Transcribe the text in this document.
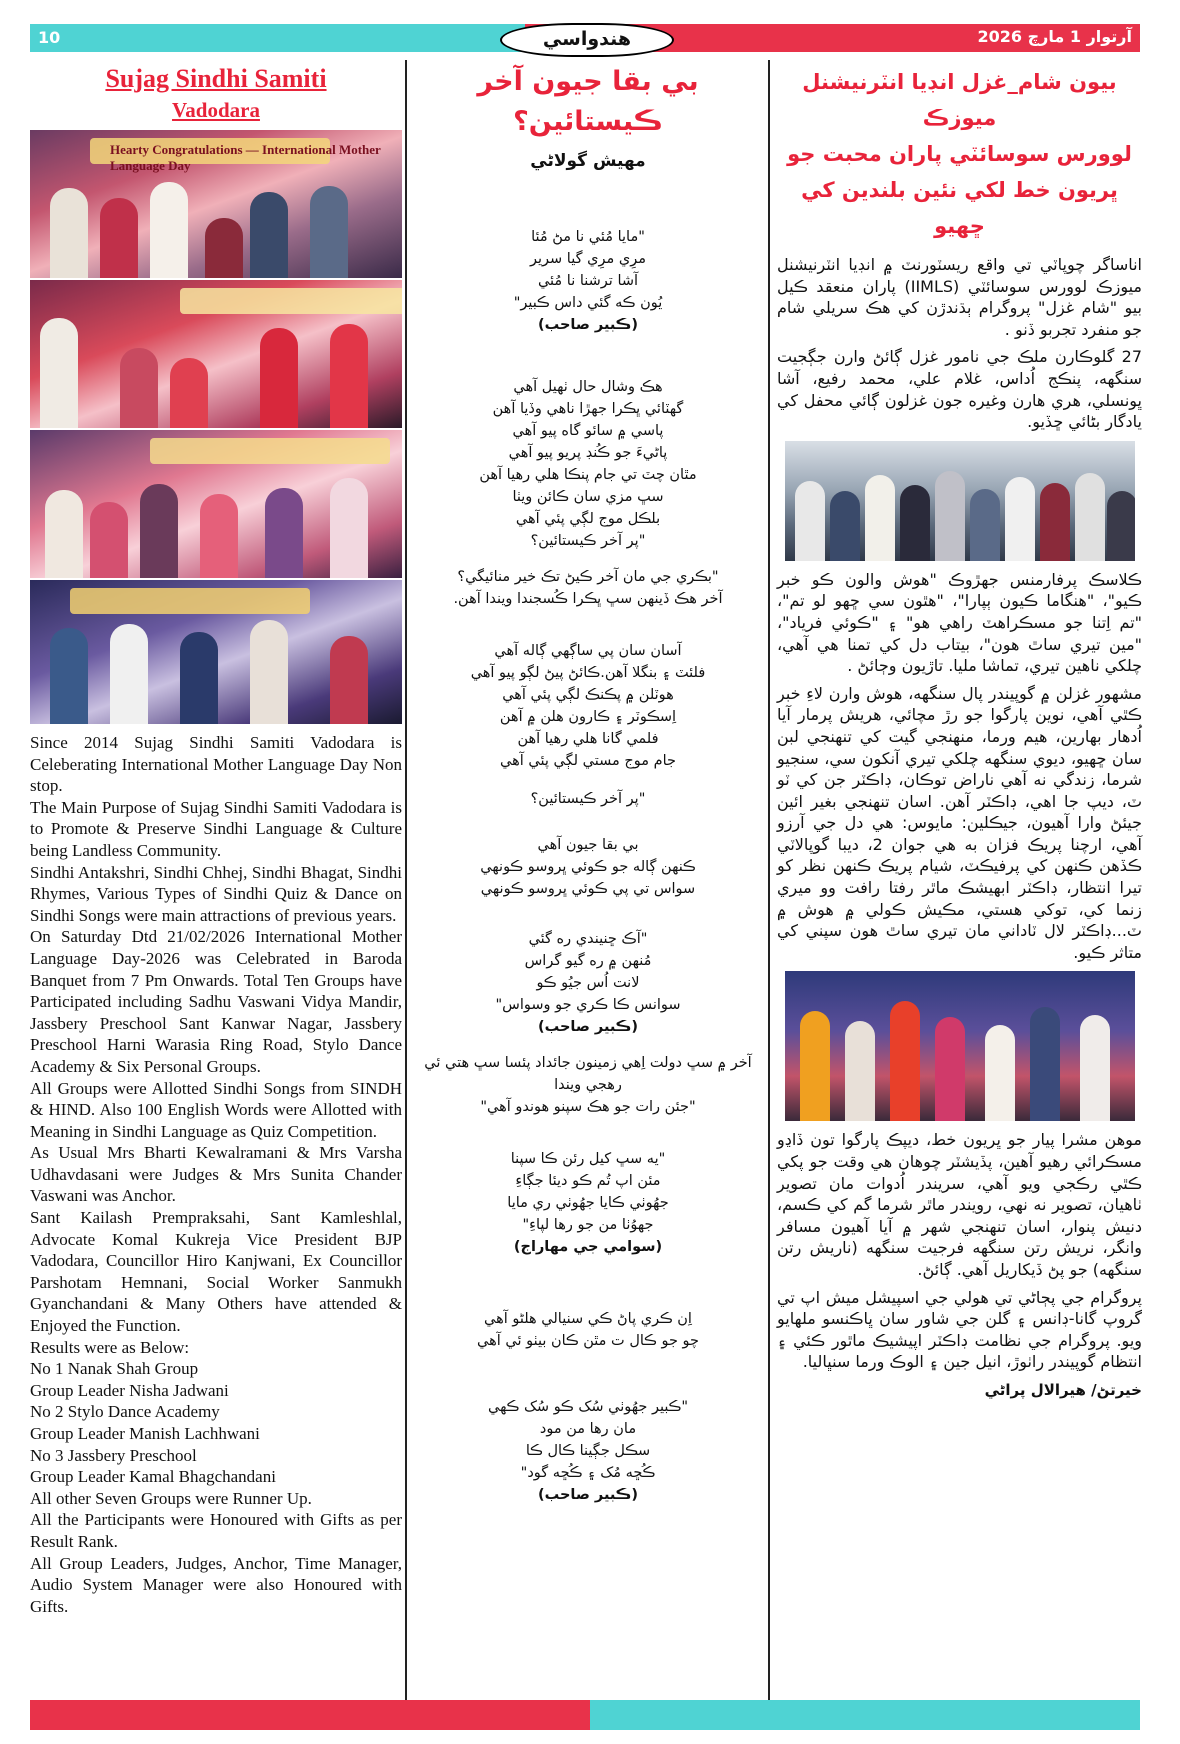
10	هندواسي	آرتوار 1 مارچ 2026
Sujag Sindhi Samiti
Vadodara
Hearty Congratulations — International Mother Language Day

Since 2014 Sujag Sindhi Samiti Vadodara is Celeberating International Mother Language Day Non stop.

The Main Purpose of Sujag Sindhi Samiti Vadodara is to Promote & Preserve Sindhi Language & Culture being Landless Community.

Sindhi Antakshri, Sindhi Chhej, Sindhi Bhagat, Sindhi Rhymes, Various Types of Sindhi Quiz & Dance on Sindhi Songs were main attractions of previous years.

On Saturday Dtd 21/02/2026 International Mother Language Day-2026 was Celebrated in Baroda Banquet from 7 Pm Onwards. Total Ten Groups have Participated including Sadhu Vaswani Vidya Mandir, Jassbery Preschool Sant Kanwar Nagar, Jassbery Preschool Harni Warasia Ring Road, Stylo Dance Academy & Six Personal Groups.

All Groups were Allotted Sindhi Songs from SINDH & HIND. Also 100 English Words were Allotted with Meaning in Sindhi Language as Quiz Competition.

As Usual Mrs Bharti Kewalramani & Mrs Varsha Udhavdasani were Judges & Mrs Sunita Chander Vaswani was Anchor.

Sant Kailash Prempraksahi, Sant Kamleshlal, Advocate Komal Kukreja Vice President BJP Vadodara, Councillor Hiro Kanjwani, Ex Councillor Parshotam Hemnani, Social Worker Sanmukh Gyanchandani & Many Others have attended & Enjoyed the Function.

Results were as Below:

No 1 Nanak Shah Group

Group Leader Nisha Jadwani

No 2 Stylo Dance Academy

Group Leader Manish Lachhwani

No 3 Jassbery Preschool

Group Leader Kamal Bhagchandani

All other Seven Groups were Runner Up.

All the Participants were Honoured with Gifts as per Result Rank.

All Group Leaders, Judges, Anchor, Time Manager, Audio System Manager were also Honoured with Gifts.

بي بقا جيون آخر ڪيستائين؟
مهيش گولاڻي
"مايا مُئي نا مڻ مُئا
مرِي مرِي گيا سرير
آشا ترشنا نا مُئي
يُون ڪه گئي داس ڪبير"
(ڪبير صاحب)
هڪ وشال حال ٺهيل آهي
گهٽائي ڀڪرا جهڙا ناهي وڏيا آهن
پاسي ۾ سائو گاه پيو آهي
پاڻيءَ جو ڪُنڊ پريو پيو آهي
مٿان چٽ تي جام پنڪا هلي رهيا آهن
سڀ مزي سان ڪائن ويٺا
بلڪل موج لڳي پئي آهي
"پر آخر ڪيستائين؟
"بڪري جي مان آخر ڪيڻ تڪ خير منائيگي؟
آخر هڪ ڏينهن سڀ ڀڪرا ڪُسجندا ويندا آهن.
آسان سان پي ساڳهي ڳاله آهي
فلئٽ ۽ بنگلا آهن.ڪائڻ پيڻ لڳو پيو آهي
هوٽلن ۾ پڪنڪ لڳي پئي آهي
اِسڪوٽر ۽ ڪارون هلن ۾ آهن
فلمي گانا هلي رهيا آهن
جام موج مستي لڳي پئي آهي
"پر آخر ڪيستائين؟
بي بقا جيون آهي
ڪنهن ڳاله جو ڪوئي ڀروسو ڪونهي
سواس تي پي ڪوئي ڀروسو ڪونهي
"آڪ ڇنيندي ره گئي
مُنهن ۾ ره گيو گراس
لانت اُس جيُو ڪو
سوانس ڪا ڪري جو وسواس"
(ڪبير صاحب)
آخر ۾ سڀ دولت اِهي زمينون جائداد پئسا سڀ هتي ئي رهجي ويندا
"جئن رات جو هڪ سپنو هوندو آهي"
"يه سڀ کيل رئن ڪا سپنا
مئن اپ تُم ڪو ديئا جڳاءِ
جهُوٺي ڪايا جهُوٺي ري مايا
جهوُٺا من جو رها لپاءِ"
(سوامي جي مهاراج)
اِن ڪري پاڻ ڪي سنيالي هلڻو آهي
چو جو ڪال ت مٿن ڪان بيٺو ئي آهي
"ڪبير جهُوٺي سُک ڪو سُک ڪهي
مان رها من مود
سڪل جڳينا ڪال ڪا
ڪُڇه مُک ۽ ڪُڇه گود"
(ڪبير صاحب)

بيون شام_غزل انڊيا انٽرنيشنل ميوزڪ

لوورس سوسائٽي پاران محبت جو

ڀريون خط لکي نئين بلندين کي ڇهيو

اناساگر چوپاٽي تي واقع ريسٽورنٽ ۾ انڊيا انٽرنيشنل ميوزڪ لوورس سوسائٽي (IIMLS) پاران منعقد ڪيل بيو "شام غزل" پروگرام ٻڌندڙن کي هڪ سريلي شام جو منفرد تجربو ڏنو .
27 گلوڪارن ملڪ جي نامور غزل ڳائڻ وارن جڳجيت سنگهه، پنڪج اُداس، غلام علي، محمد رفيع، آشا ڀونسلي، هري هارن وغيره جون غزلون ڳائي محفل کي يادگار بڻائي ڇڏيو.
ڪلاسڪ پرفارمنس جهڙوڪ "هوش والون ڪو خبر ڪيو"، "هنگاما ڪيون ٻپارا"، "هٿون سي ڇهو لو تم"، "تم اِتنا جو مسڪراهٽ راهي هو" ۽ "ڪوئي فرياد"، "مين تيري ساٿ هون"، بيتاب دل کي تمنا هي آهي، چلکي ناهين تيري، تماشا مليا. تاڙيون وڄائڻ .
مشهور غزلن ۾ گوپيندر پال سنگهه، هوش وارن لاءِ خبر ڪٿي آهي، نوين پارگوا جو رڙ مچائي، هريش پرمار آيا اُدهار بهارين، هيم ورما، منهنجي گيت کي تنهنجي لبن سان ڇهيو، ديوي سنگهه چلکي تيري آنکون سي، سنجيو شرما، زندگي نه آهي ناراض توڪان، ڊاڪٽر جن کي ٽو ٽ، ديپ جا اهي، ڊاڪٽر آهن. اسان تنهنجي بغير ائين جيئڻ وارا آهيون، جيڪلين: مايوس: هي دل جي آرزو آهي، ارچنا پريڪ فزان به هي جوان 2، ديبا گوپالاٽي ڪڏهن ڪنهن کي پرفيڪٽ، شيام پريڪ ڪنهن نظر کو تيرا انتظار، ڊاڪٽر ابهيشڪ ماٿر رفتا رافت وو ميري زنما کي، توکي هستي، مڪيش ڪولي ۾ هوش ۾ ٽ...ڊاڪٽر لال ٽاداني مان تيري ساٿ هون سپني کي متاثر ڪيو.
موهن مشرا پيار جو ڀريون خط، ديپڪ پارگوا تون ڏاڍو مسڪرائي رهيو آهين، پڏيشٽر چوهان هي وقت جو پکي ڪٿي رڪجي ويو آهي، سريندر اُدوات مان تصوير ٺاهيان، تصوير نه نهي، رويندر ماٿر شرما گم کي ڪسم، دنيش پنوار، اسان تنهنجي شهر ۾ آيا آهيون مسافر وانگر، نريش رتن سنگهه فرجيت سنگهه (ناريش رتن سنگهه) جو پڻ ڏيکاريل آهي. ڳائڻ.
پروگرام جي پڄاڻي تي هولي جي اسپيشل ميش اپ تي گروپ گانا-ڊانس ۽ گلن جي شاور سان ڀاڪنسو ملهايو ويو. پروگرام جي نظامت ڊاڪٽر اپيشيڪ ماٿور ڪئي ۽ انتظام گوپيندر راٺوڙ، انيل جين ۽ الوڪ ورما سنڀاليا.
خيرتڻ/ هيرالال پراڻي
